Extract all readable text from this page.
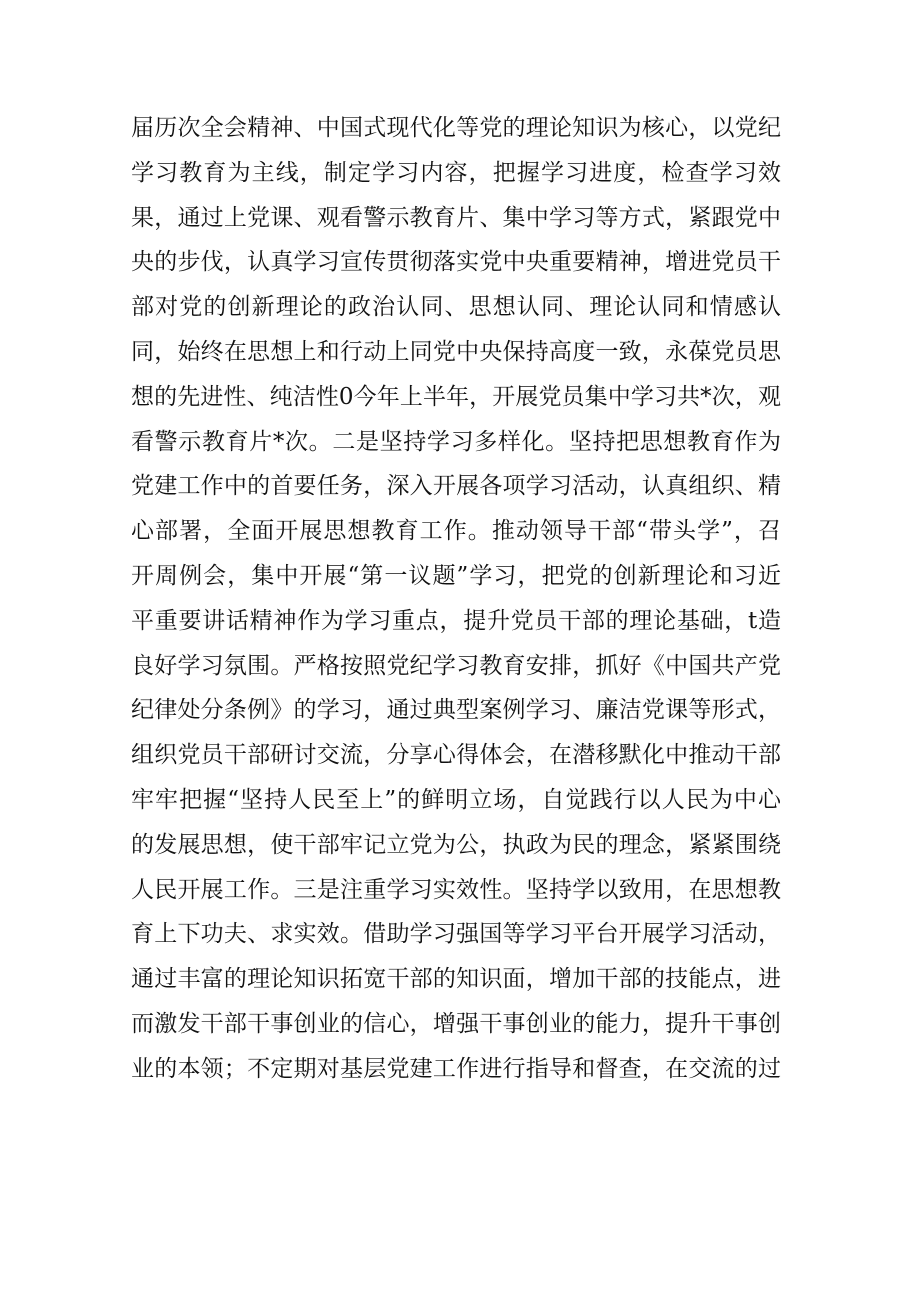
届历次全会精神、中国式现代化等党的理论知识为核心，以党纪
学习教育为主线，制定学习内容，把握学习进度，检查学习效
果，通过上党课、观看警示教育片、集中学习等方式，紧跟党中
央的步伐，认真学习宣传贯彻落实党中央重要精神，增进党员干
部对党的创新理论的政治认同、思想认同、理论认同和情感认
同，始终在思想上和行动上同党中央保持高度一致，永葆党员思
想的先进性、纯洁性0今年上半年，开展党员集中学习共*次，观
看警示教育片*次。二是坚持学习多样化。坚持把思想教育作为
党建工作中的首要任务，深入开展各项学习活动，认真组织、精
心部署，全面开展思想教育工作。推动领导干部“带头学”，召
开周例会，集中开展“第一议题”学习，把党的创新理论和习近
平重要讲话精神作为学习重点，提升党员干部的理论基础，t造
良好学习氛围。严格按照党纪学习教育安排，抓好《中国共产党
纪律处分条例》的学习，通过典型案例学习、廉洁党课等形式，
组织党员干部研讨交流，分享心得体会，在潜移默化中推动干部
牢牢把握“坚持人民至上”的鲜明立场，自觉践行以人民为中心
的发展思想，使干部牢记立党为公，执政为民的理念，紧紧围绕
人民开展工作。三是注重学习实效性。坚持学以致用，在思想教
育上下功夫、求实效。借助学习强国等学习平台开展学习活动，
通过丰富的理论知识拓宽干部的知识面，增加干部的技能点，进
而激发干部干事创业的信心，增强干事创业的能力，提升干事创
业的本领；不定期对基层党建工作进行指导和督查，在交流的过
